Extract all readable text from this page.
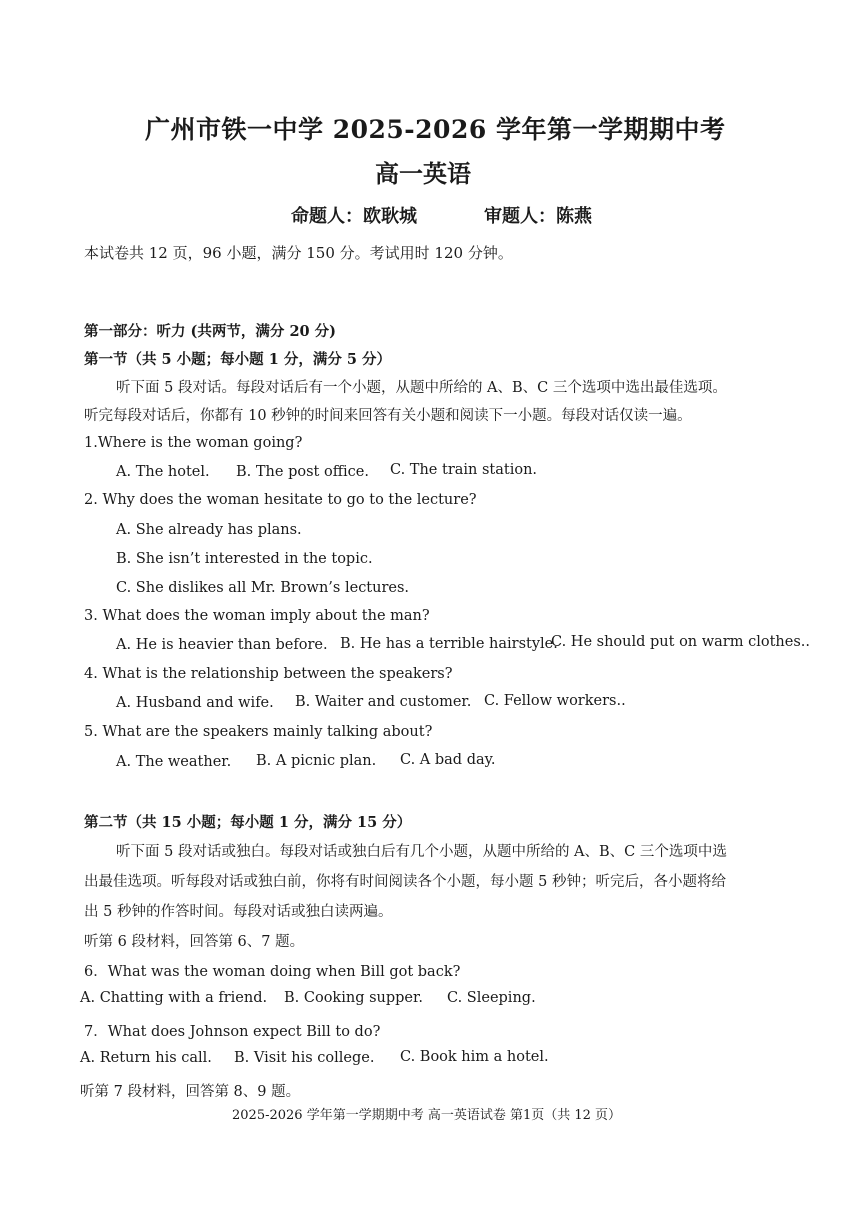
广州市铁一中学 2025-2026 学年第一学期期中考
高一英语
命题人：欧耿城	审题人：陈燕
本试卷共 12 页，96 小题，满分 150 分。考试用时 120 分钟。
第一部分：听力 (共两节，满分 20 分)
第一节（共 5 小题；每小题 1 分，满分 5 分）
听下面 5 段对话。每段对话后有一个小题，从题中所给的 A、B、C 三个选项中选出最佳选项。
听完每段对话后，你都有 10 秒钟的时间来回答有关小题和阅读下一小题。每段对话仅读一遍。
1.Where is the woman going?
A. The hotel. B. The post office. C. The train station.
2. Why does the woman hesitate to go to the lecture?
A. She already has plans.
B. She isn’t interested in the topic.
C. She dislikes all Mr. Brown’s lectures.
3. What does the woman imply about the man?
A. He is heavier than before. B. He has a terrible hairstyle.
C. He should put on warm clothes..
4. What is the relationship between the speakers?
A. Husband and wife. B. Waiter and customer. C. Fellow workers..
5. What are the speakers mainly talking about?
A. The weather. B. A picnic plan. C. A bad day.
第二节（共 15 小题；每小题 1 分，满分 15 分）
听下面 5 段对话或独白。每段对话或独白后有几个小题，从题中所给的 A、B、C 三个选项中选
出最佳选项。听每段对话或独白前，你将有时间阅读各个小题，每小题 5 秒钟；听完后，各小题将给
出 5 秒钟的作答时间。每段对话或独白读两遍。
听第 6 段材料，回答第 6、7 题。
6．What was the woman doing when Bill got back?
A. Chatting with a friend. B. Cooking supper. C. Sleeping.
7．What does Johnson expect Bill to do?
A. Return his call. B. Visit his college. C. Book him a hotel.
听第 7 段材料，回答第 8、9 题。
2025-2026 学年第一学期期中考 高一英语试卷 第1页（共 12 页）
